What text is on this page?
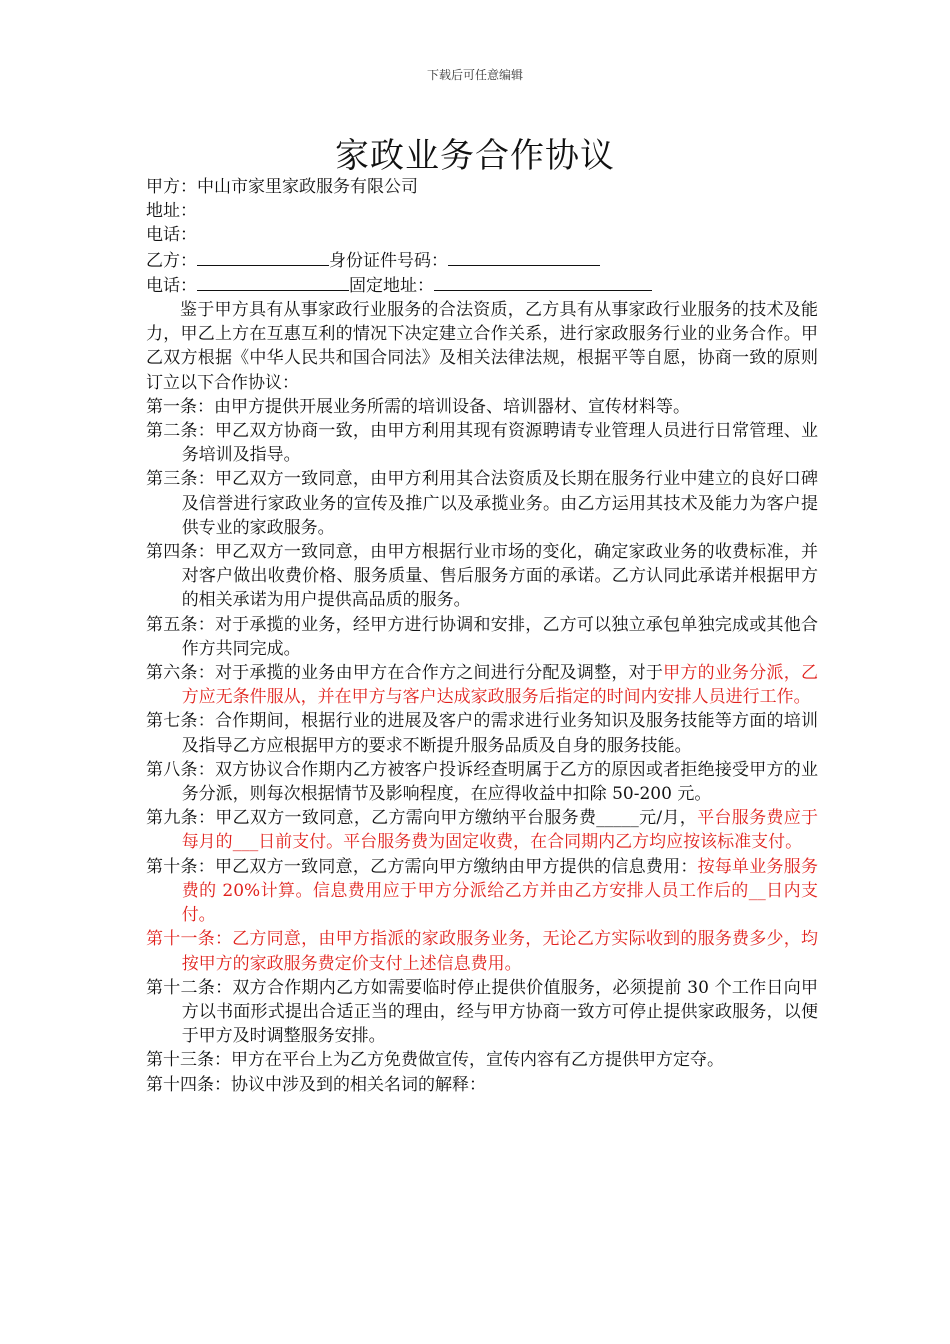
下载后可任意编辑
家政业务合作协议
甲方：中山市家里家政服务有限公司
地址：
电话：
乙方：	身份证件号码：
电话：	固定地址：
鉴于甲方具有从事家政行业服务的合法资质，乙方具有从事家政行业服务的技术及能力，甲乙上方在互惠互利的情况下决定建立合作关系，进行家政服务行业的业务合作。甲乙双方根据《中华人民共和国合同法》及相关法律法规，根据平等自愿，协商一致的原则订立以下合作协议：
第一条：由甲方提供开展业务所需的培训设备、培训器材、宣传材料等。
第二条：甲乙双方协商一致，由甲方利用其现有资源聘请专业管理人员进行日常管理、业务培训及指导。
第三条：甲乙双方一致同意，由甲方利用其合法资质及长期在服务行业中建立的良好口碑及信誉进行家政业务的宣传及推广以及承揽业务。由乙方运用其技术及能力为客户提供专业的家政服务。
第四条：甲乙双方一致同意，由甲方根据行业市场的变化，确定家政业务的收费标准，并对客户做出收费价格、服务质量、售后服务方面的承诺。乙方认同此承诺并根据甲方的相关承诺为用户提供高品质的服务。
第五条：对于承揽的业务，经甲方进行协调和安排，乙方可以独立承包单独完成或其他合作方共同完成。
第六条：对于承揽的业务由甲方在合作方之间进行分配及调整，对于甲方的业务分派，乙方应无条件服从，并在甲方与客户达成家政服务后指定的时间内安排人员进行工作。
第七条：合作期间，根据行业的进展及客户的需求进行业务知识及服务技能等方面的培训及指导乙方应根据甲方的要求不断提升服务品质及自身的服务技能。
第八条：双方协议合作期内乙方被客户投诉经查明属于乙方的原因或者拒绝接受甲方的业务分派，则每次根据情节及影响程度，在应得收益中扣除 50-200 元。
第九条：甲乙双方一致同意，乙方需向甲方缴纳平台服务费_____元/月，平台服务费应于每月的___日前支付。平台服务费为固定收费，在合同期内乙方均应按该标准支付。
第十条：甲乙双方一致同意，乙方需向甲方缴纳由甲方提供的信息费用：按每单业务服务费的 20%计算。信息费用应于甲方分派给乙方并由乙方安排人员工作后的__日内支付。
第十一条：乙方同意，由甲方指派的家政服务业务，无论乙方实际收到的服务费多少，均按甲方的家政服务费定价支付上述信息费用。
第十二条：双方合作期内乙方如需要临时停止提供价值服务，必须提前 30 个工作日向甲方以书面形式提出合适正当的理由，经与甲方协商一致方可停止提供家政服务，以便于甲方及时调整服务安排。
第十三条：甲方在平台上为乙方免费做宣传，宣传内容有乙方提供甲方定夺。
第十四条：协议中涉及到的相关名词的解释：
